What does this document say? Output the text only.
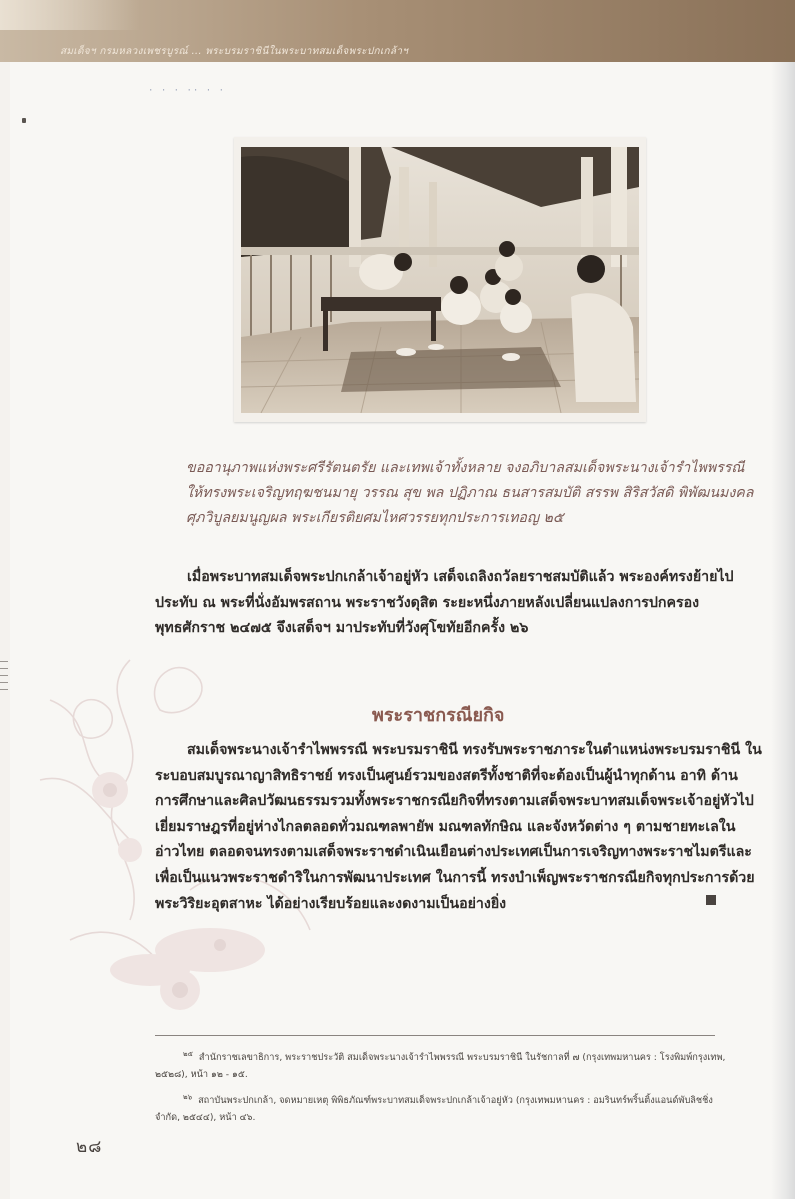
สมเด็จฯ กรมหลวงเพชรบูรณ์ ... พระบรมราชินีในพระบาทสมเด็จพระปกเกล้าฯ
· · · ·· · ·
ขออานุภาพแห่งพระศรีรัตนตรัย และเทพเจ้าทั้งหลาย จงอภิบาลสมเด็จพระนางเจ้ารำไพพรรณี
ให้ทรงพระเจริญทฤฆชนมายุ วรรณ สุข พล ปฏิภาณ ธนสารสมบัติ สรรพ สิริสวัสดิ พิพัฒนมงคล
ศุภวิบูลยมนูญผล พระเกียรติยศมไหศวรรยทุกประการเทอญ ๒๕
เมื่อพระบาทสมเด็จพระปกเกล้าเจ้าอยู่หัว เสด็จเถลิงถวัลยราชสมบัติแล้ว พระองค์ทรงย้ายไป
ประทับ ณ พระที่นั่งอัมพรสถาน พระราชวังดุสิต ระยะหนึ่งภายหลังเปลี่ยนแปลงการปกครอง
พุทธศักราช ๒๔๗๕ จึงเสด็จฯ มาประทับที่วังศุโขทัยอีกครั้ง ๒๖
พระราชกรณียกิจ
สมเด็จพระนางเจ้ารำไพพรรณี พระบรมราชินี ทรงรับพระราชภาระในตำแหน่งพระบรมราชินี ใน
ระบอบสมบูรณาญาสิทธิราชย์ ทรงเป็นศูนย์รวมของสตรีทั้งชาติที่จะต้องเป็นผู้นำทุกด้าน อาทิ ด้าน
การศึกษาและศิลปวัฒนธรรมรวมทั้งพระราชกรณียกิจที่ทรงตามเสด็จพระบาทสมเด็จพระเจ้าอยู่หัวไป
เยี่ยมราษฎรที่อยู่ห่างไกลตลอดทั่วมณฑลพายัพ มณฑลทักษิณ และจังหวัดต่าง ๆ ตามชายทะเลใน
อ่าวไทย ตลอดจนทรงตามเสด็จพระราชดำเนินเยือนต่างประเทศเป็นการเจริญทางพระราชไมตรีและ
เพื่อเป็นแนวพระราชดำริในการพัฒนาประเทศ ในการนี้ ทรงบำเพ็ญพระราชกรณียกิจทุกประการด้วย
พระวิริยะอุตสาหะ ได้อย่างเรียบร้อยและงดงามเป็นอย่างยิ่ง
$^{๒๕}$ สำนักราชเลขาธิการ, พระราชประวัติ สมเด็จพระนางเจ้ารำไพพรรณี พระบรมราชินี ในรัชกาลที่ ๗ (กรุงเทพมหานคร : โรงพิมพ์กรุงเทพ,
๒๕๒๘), หน้า ๑๒ - ๑๕.
$^{๒๖}$ สถาบันพระปกเกล้า, จดหมายเหตุ พิพิธภัณฑ์พระบาทสมเด็จพระปกเกล้าเจ้าอยู่หัว (กรุงเทพมหานคร : อมรินทร์พริ้นติ้งแอนด์พับลิชชิ่ง
จำกัด, ๒๕๔๔), หน้า ๔๖.
๒๘
